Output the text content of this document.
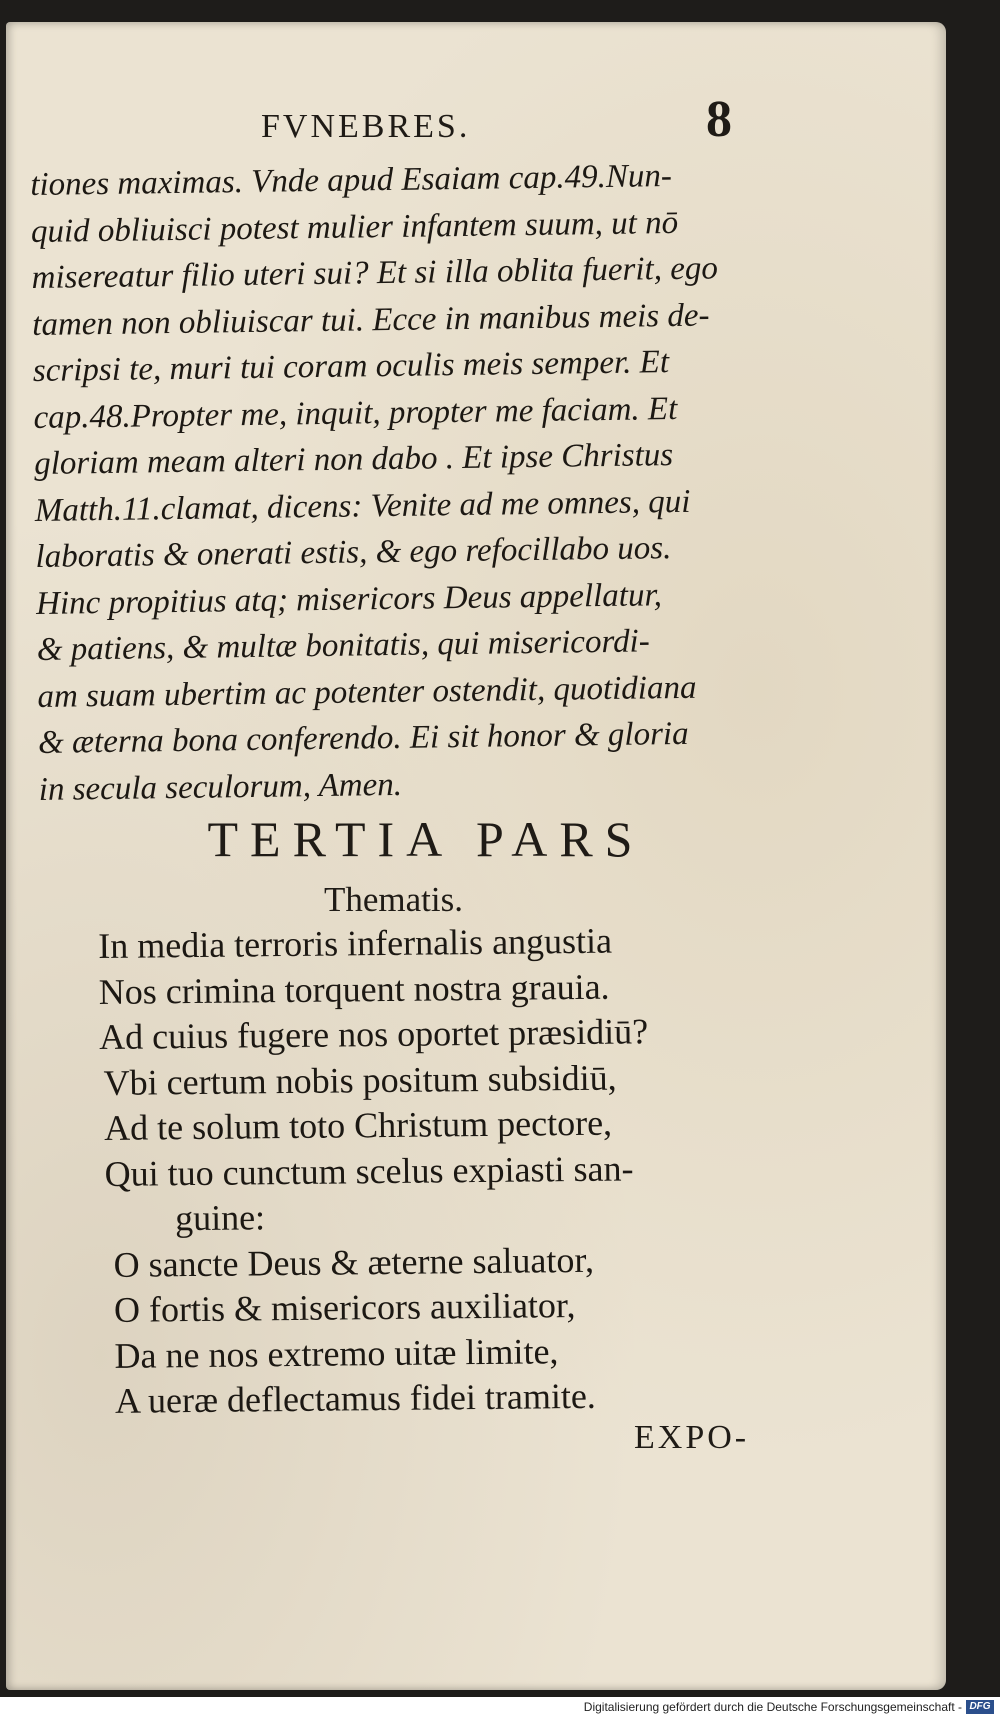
FVNEBRES.	8
tiones maximas. Vnde apud Esaiam cap.49.Nun-
quid obliuisci potest mulier infantem suum, ut nō
misereatur filio uteri sui? Et si illa oblita fuerit, ego
tamen non obliuiscar tui. Ecce in manibus meis de-
scripsi te, muri tui coram oculis meis semper. Et
cap.48.Propter me, inquit, propter me faciam. Et
gloriam meam alteri non dabo . Et ipse Christus
Matth.11.clamat, dicens: Venite ad me omnes, qui
laboratis & onerati estis, & ego refocillabo uos.
Hinc propitius atq; misericors Deus appellatur,
& patiens, & multæ bonitatis, qui misericordi-
am suam ubertim ac potenter ostendit, quotidiana
& æterna bona conferendo. Ei sit honor & gloria
in secula seculorum, Amen.
TERTIA PARS
Thematis.
In media terroris infernalis angustia
Nos crimina torquent nostra grauia.
Ad cuius fugere nos oportet præsidiū?
Vbi certum nobis positum subsidiū,
Ad te solum toto Christum pectore,
Qui tuo cunctum scelus expiasti san-
guine:
O sancte Deus & æterne saluator,
O fortis & misericors auxiliator,
Da ne nos extremo uitæ limite,
A ueræ deflectamus fidei tramite.
EXPO-
Digitalisierung gefördert durch die Deutsche Forschungsgemeinschaft - DFG
